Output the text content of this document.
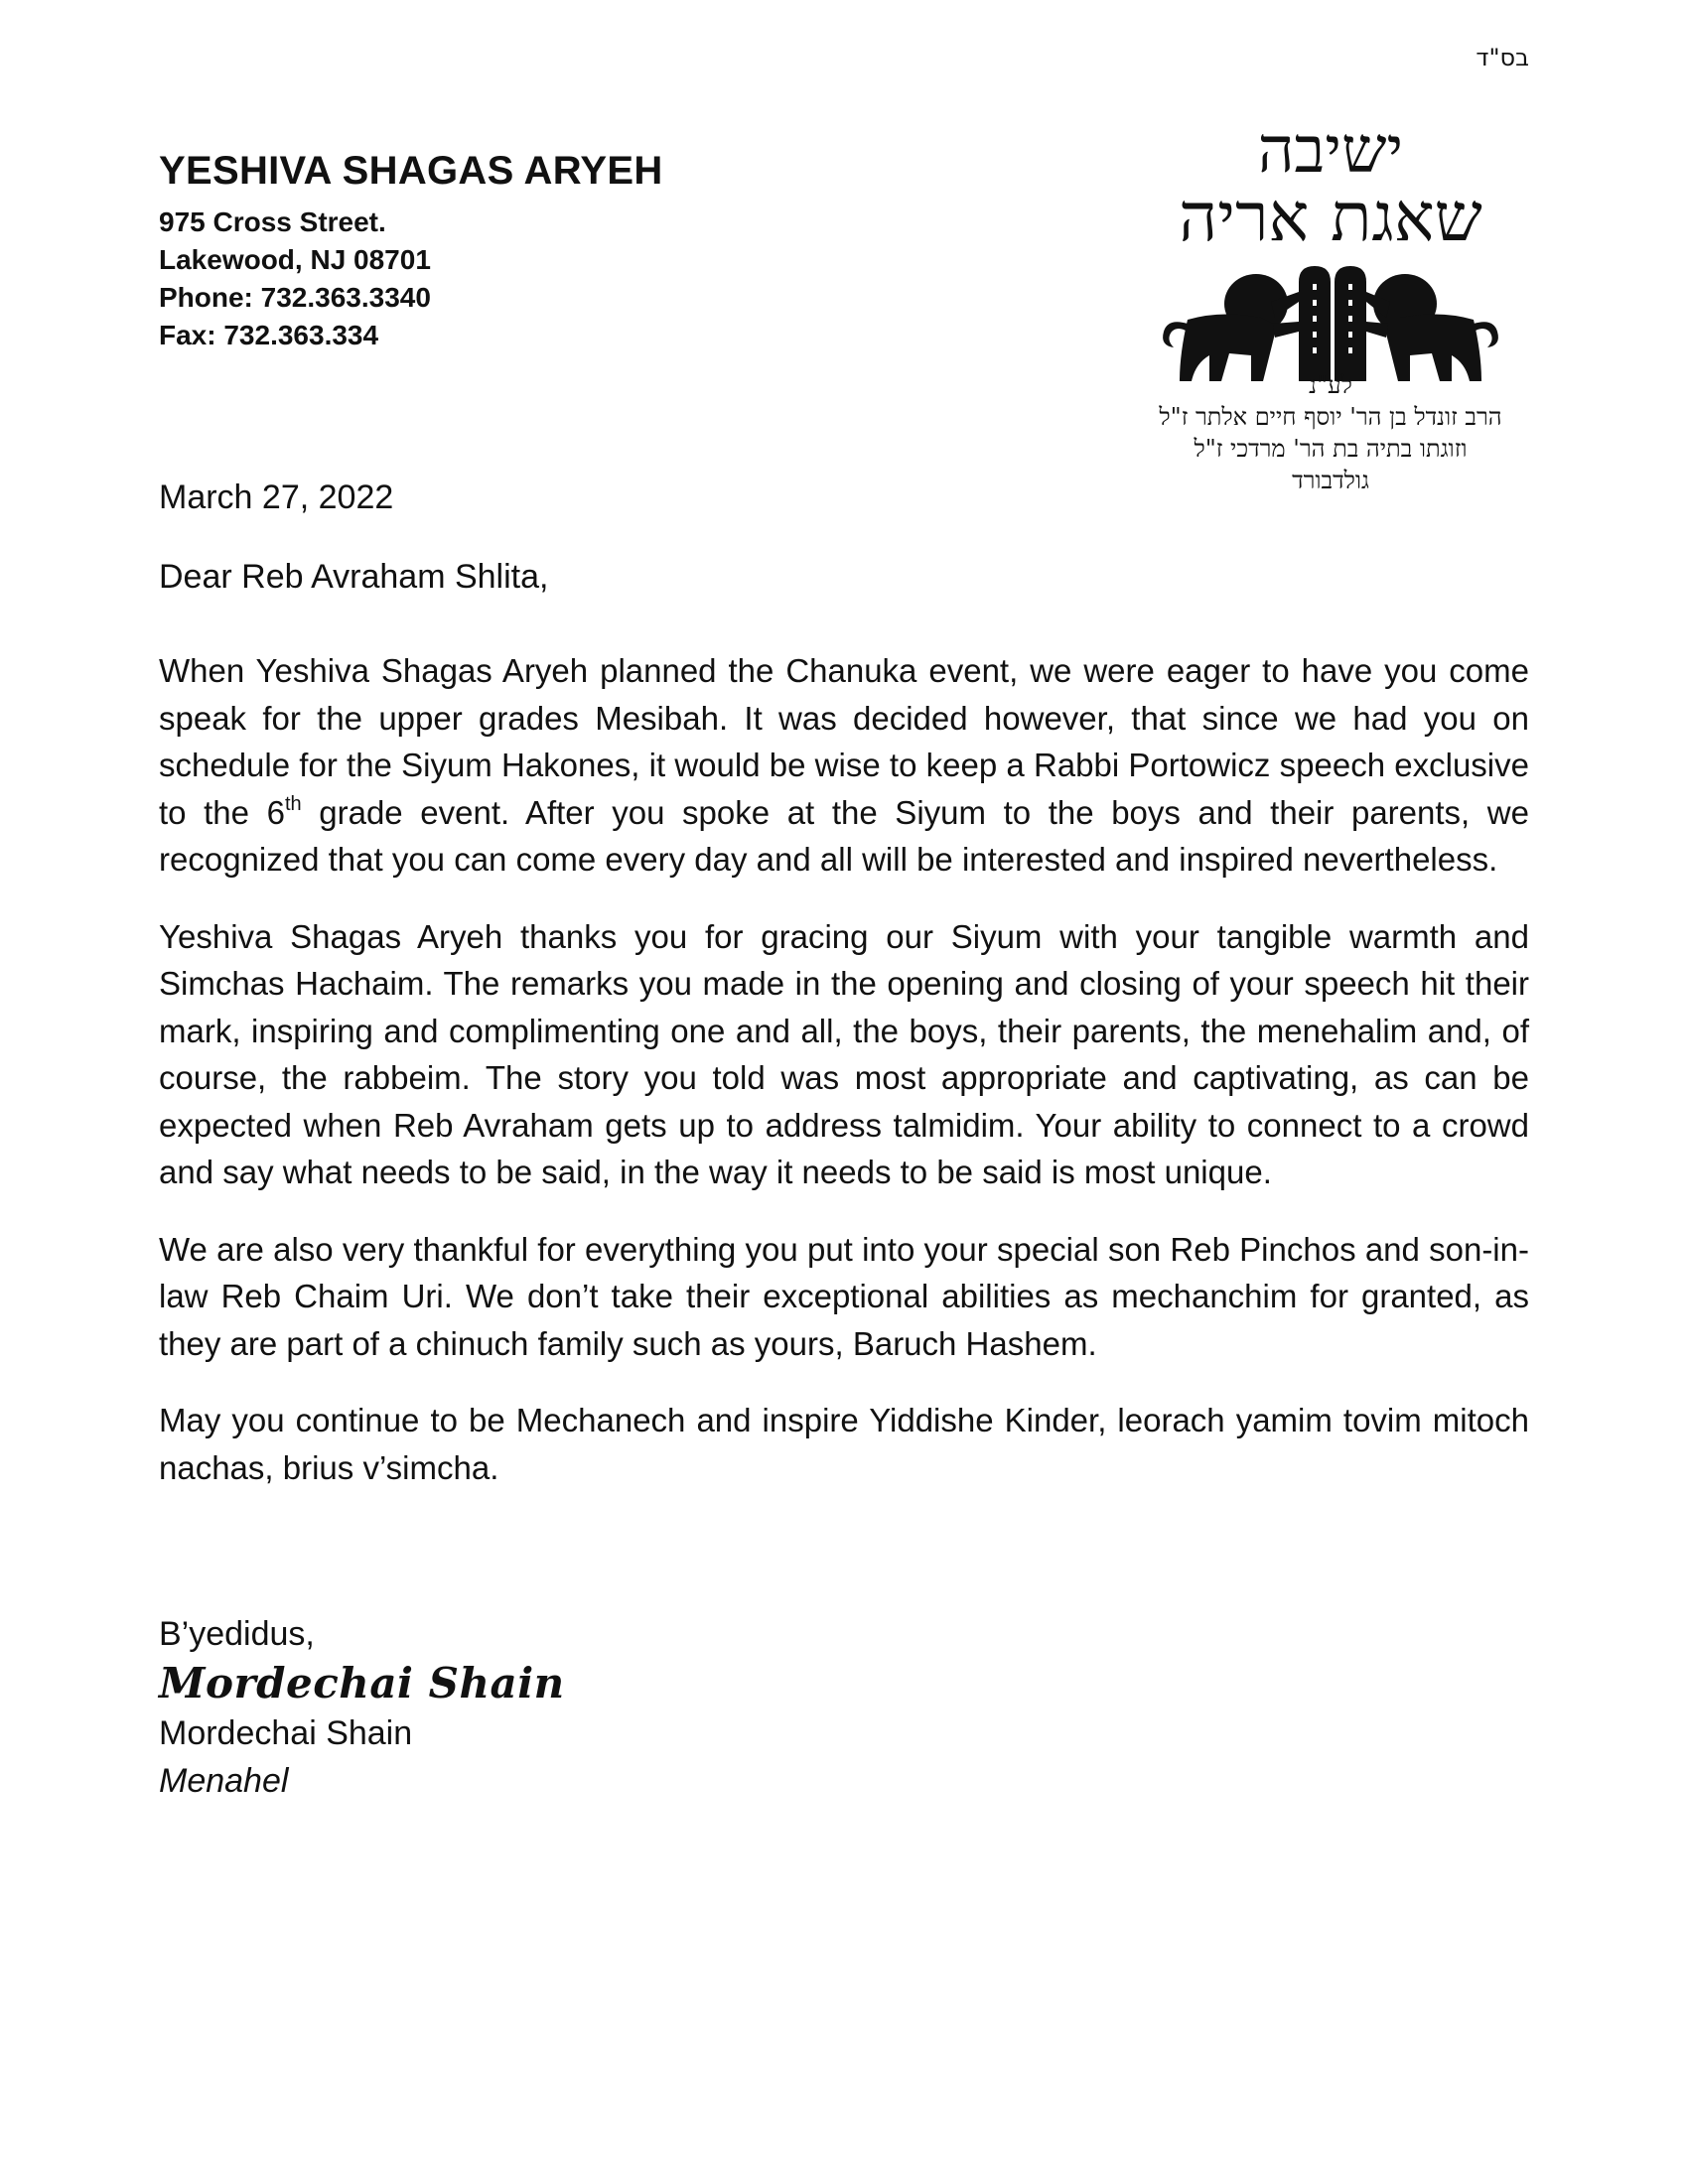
בס"ד
YESHIVA SHAGAS ARYEH
975 Cross Street.
Lakewood, NJ 08701
Phone: 732.363.3340
Fax: 732.363.334
ישיבה
שאגת אריה
לע"נ
הרב זונדל בן הר' יוסף חיים אלתר ז"ל
וזוגתו בתיה בת הר' מרדכי ז"ל
גולדבורד
March 27, 2022
Dear Reb Avraham Shlita,

When Yeshiva Shagas Aryeh planned the Chanuka event, we were eager to have you come speak for the upper grades Mesibah. It was decided however, that since we had you on schedule for the Siyum Hakones, it would be wise to keep a Rabbi Portowicz speech exclusive to the 6th grade event. After you spoke at the Siyum to the boys and their parents, we recognized that you can come every day and all will be interested and inspired nevertheless.

Yeshiva Shagas Aryeh thanks you for gracing our Siyum with your tangible warmth and Simchas Hachaim. The remarks you made in the opening and closing of your speech hit their mark, inspiring and complimenting one and all, the boys, their parents, the menehalim and, of course, the rabbeim. The story you told was most appropriate and captivating, as can be expected when Reb Avraham gets up to address talmidim. Your ability to connect to a crowd and say what needs to be said, in the way it needs to be said is most unique.

We are also very thankful for everything you put into your special son Reb Pinchos and son-in-law Reb Chaim Uri. We don’t take their exceptional abilities as mechanchim for granted, as they are part of a chinuch family such as yours, Baruch Hashem.

May you continue to be Mechanech and inspire Yiddishe Kinder, leorach yamim tovim mitoch nachas, brius v’simcha.

B’yedidus,
Mordechai Shain
Mordechai Shain
Menahel
